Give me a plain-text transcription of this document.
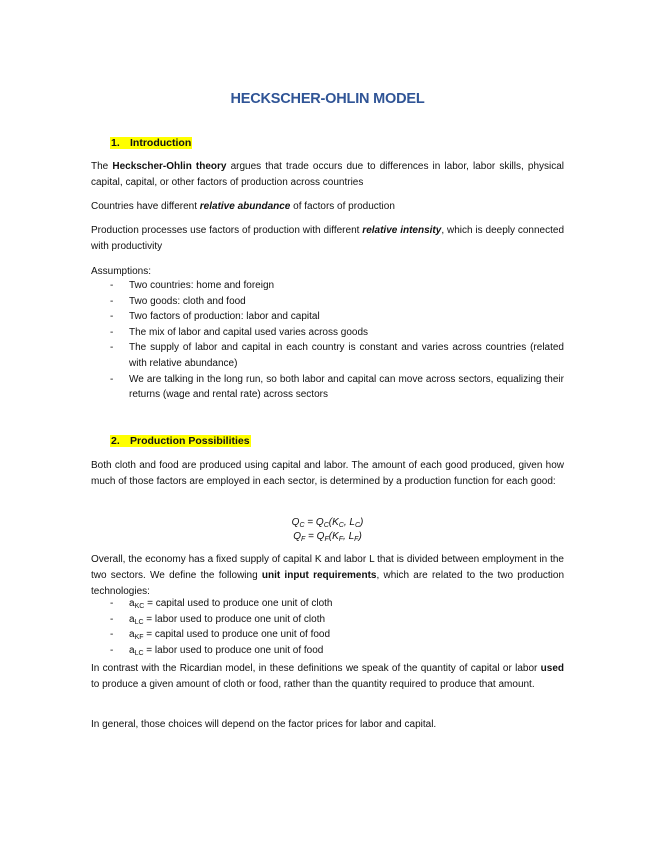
HECKSCHER-OHLIN MODEL
1. Introduction
The Heckscher-Ohlin theory argues that trade occurs due to differences in labor, labor skills, physical capital, capital, or other factors of production across countries
Countries have different relative abundance of factors of production
Production processes use factors of production with different relative intensity, which is deeply connected with productivity
Assumptions:
- Two countries: home and foreign
- Two goods: cloth and food
- Two factors of production: labor and capital
- The mix of labor and capital used varies across goods
- The supply of labor and capital in each country is constant and varies across countries (related with relative abundance)
- We are talking in the long run, so both labor and capital can move across sectors, equalizing their returns (wage and rental rate) across sectors
2. Production Possibilities
Both cloth and food are produced using capital and labor. The amount of each good produced, given how much of those factors are employed in each sector, is determined by a production function for each good:
$Q_C = Q_C(K_C$, $L_C$)
$Q_F = Q_F(K_F$, $L_F$)
Overall, the economy has a fixed supply of capital K and labor L that is divided between employment in the two sectors. We define the following unit input requirements, which are related to the two production technologies:
- $a_{KC}$ = capital used to produce one unit of cloth
- $a_{LC}$ = labor used to produce one unit of cloth
- $a_{KF}$ = capital used to produce one unit of food
- $a_{LC}$ = labor used to produce one unit of food
In contrast with the Ricardian model, in these definitions we speak of the quantity of capital or labor used to produce a given amount of cloth or food, rather than the quantity required to produce that amount.
In general, those choices will depend on the factor prices for labor and capital.
